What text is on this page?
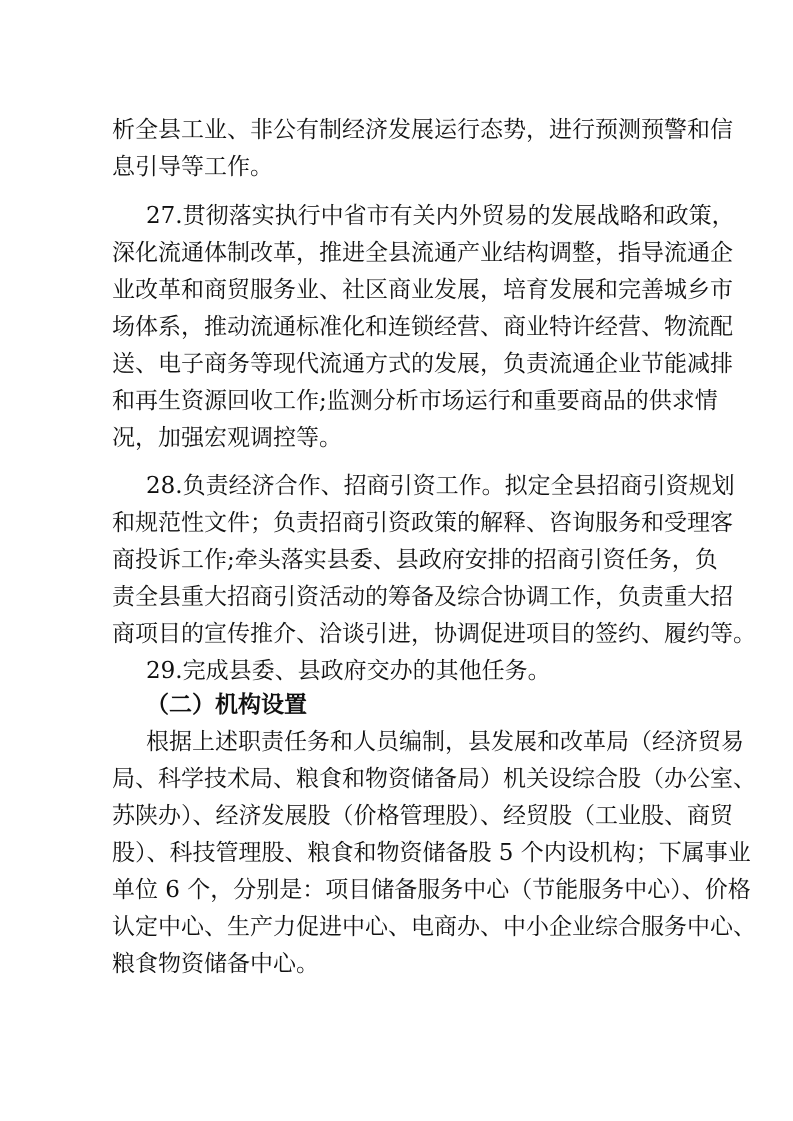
析全县工业、非公有制经济发展运行态势，进行预测预警和信
息引导等工作。
27.贯彻落实执行中省市有关内外贸易的发展战略和政策，
深化流通体制改革，推进全县流通产业结构调整，指导流通企
业改革和商贸服务业、社区商业发展，培育发展和完善城乡市
场体系，推动流通标准化和连锁经营、商业特许经营、物流配
送、电子商务等现代流通方式的发展，负责流通企业节能减排
和再生资源回收工作;监测分析市场运行和重要商品的供求情
况，加强宏观调控等。
28.负责经济合作、招商引资工作。拟定全县招商引资规划
和规范性文件；负责招商引资政策的解释、咨询服务和受理客
商投诉工作;牵头落实县委、县政府安排的招商引资任务，负
责全县重大招商引资活动的筹备及综合协调工作，负责重大招
商项目的宣传推介、洽谈引进，协调促进项目的签约、履约等。
29.完成县委、县政府交办的其他任务。
（二）机构设置
根据上述职责任务和人员编制，县发展和改革局（经济贸易
局、科学技术局、粮食和物资储备局）机关设综合股（办公室、
苏陕办）、经济发展股（价格管理股）、经贸股（工业股、商贸
股）、科技管理股、粮食和物资储备股 5 个内设机构；下属事业
单位 6 个，分别是：项目储备服务中心（节能服务中心）、价格
认定中心、生产力促进中心、电商办、中小企业综合服务中心、
粮食物资储备中心。
